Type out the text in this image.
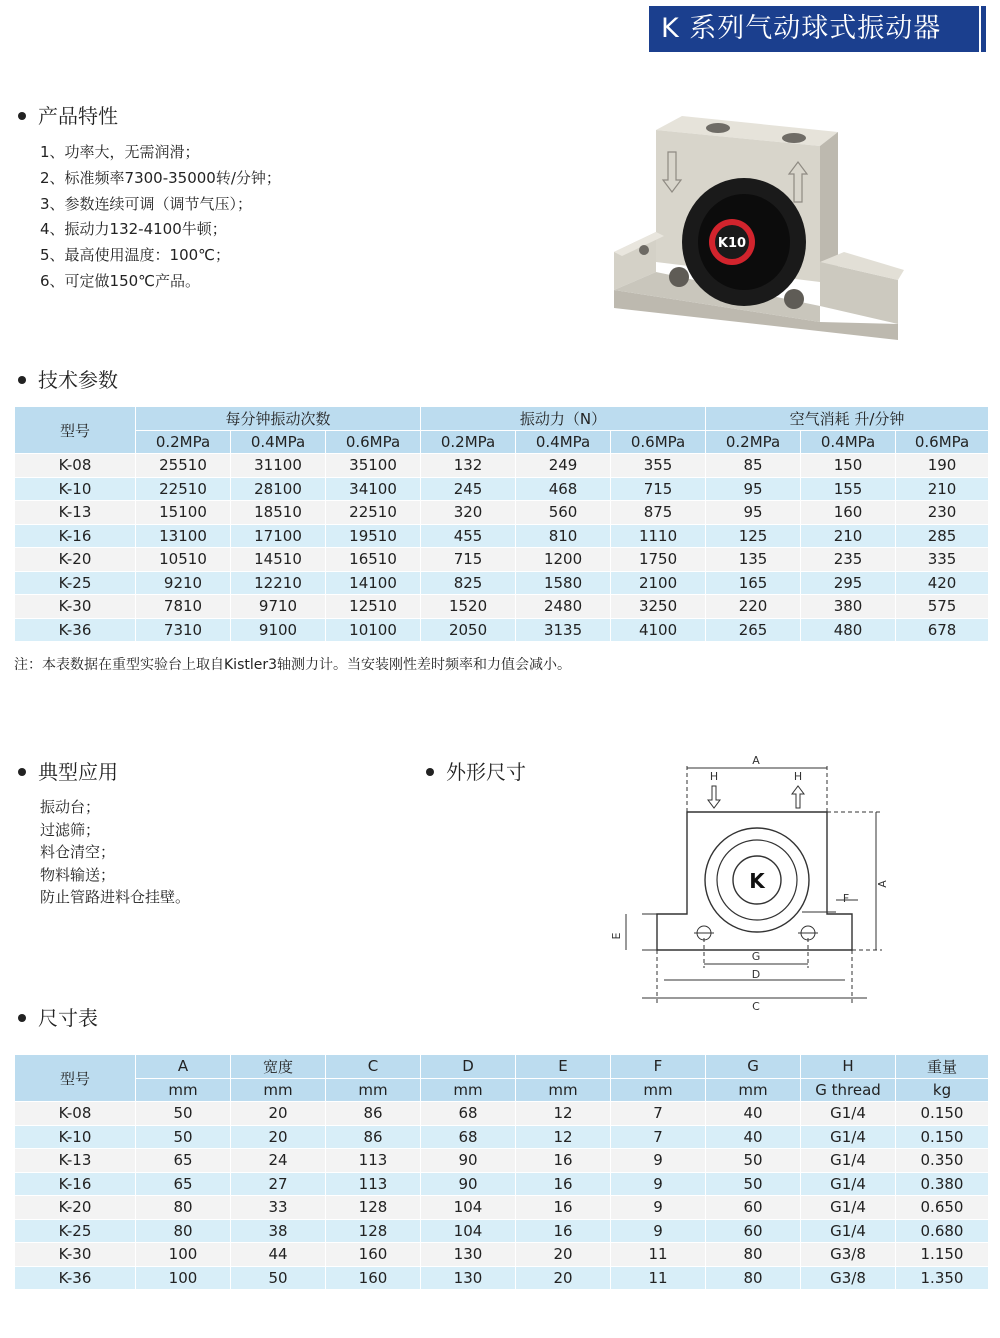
K 系列气动球式振动器
产品特性
1、功率大，无需润滑；
2、标准频率7300-35000转/分钟；
3、参数连续可调（调节气压）；
4、振动力132-4100牛顿；
5、最高使用温度：100℃；
6、可定做150℃产品。
K10
技术参数
型号	每分钟振动次数			振动力（N）			空气消耗 升/分钟		
	0.2MPa	0.4MPa	0.6MPa	0.2MPa	0.4MPa	0.6MPa	0.2MPa	0.4MPa	0.6MPa
K-08	25510	31100	35100	132	249	355	85	150	190
K-10	22510	28100	34100	245	468	715	95	155	210
K-13	15100	18510	22510	320	560	875	95	160	230
K-16	13100	17100	19510	455	810	1110	125	210	285
K-20	10510	14510	16510	715	1200	1750	135	235	335
K-25	9210	12210	14100	825	1580	2100	165	295	420
K-30	7810	9710	12510	1520	2480	3250	220	380	575
K-36	7310	9100	10100	2050	3135	4100	265	480	678
注：本表数据在重型实验台上取自Kistler3轴测力计。当安装刚性差时频率和力值会减小。
典型应用
振动台；
过滤筛；
料仓清空；
物料输送；
防止管路进料仓挂壁。
外形尺寸	A
H	H
K
F
A
E
G
D
C
尺寸表
型号	A	宽度	C	D	E	F	G	H	重量
	mm	mm	mm	mm	mm	mm	mm	G thread	kg
K-08	50	20	86	68	12	7	40	G1/4	0.150
K-10	50	20	86	68	12	7	40	G1/4	0.150
K-13	65	24	113	90	16	9	50	G1/4	0.350
K-16	65	27	113	90	16	9	50	G1/4	0.380
K-20	80	33	128	104	16	9	60	G1/4	0.650
K-25	80	38	128	104	16	9	60	G1/4	0.680
K-30	100	44	160	130	20	11	80	G3/8	1.150
K-36	100	50	160	130	20	11	80	G3/8	1.350
